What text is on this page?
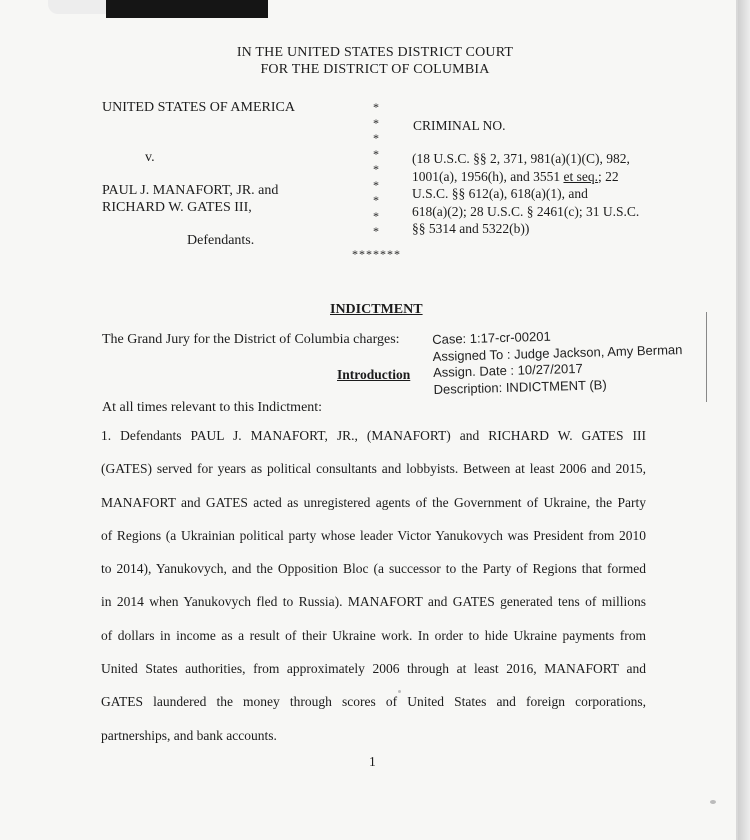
IN THE UNITED STATES DISTRICT COURT
FOR THE DISTRICT OF COLUMBIA
UNITED STATES OF AMERICA
v.
PAUL J. MANAFORT, JR. and
RICHARD W. GATES III,
Defendants.
*
*
*
*
*
*
*
*
*
*******
CRIMINAL NO.
(18 U.S.C. §§ 2, 371, 981(a)(1)(C), 982,
1001(a), 1956(h), and 3551 et seq.; 22
U.S.C. §§ 612(a), 618(a)(1), and
618(a)(2); 28 U.S.C. § 2461(c); 31 U.S.C.
§§ 5314 and 5322(b))
INDICTMENT
The Grand Jury for the District of Columbia charges:
Introduction
Case: 1:17-cr-00201
Assigned To : Judge Jackson, Amy Berman
Assign. Date : 10/27/2017
Description: INDICTMENT (B)
At all times relevant to this Indictment:
1. Defendants PAUL J. MANAFORT, JR., (MANAFORT) and RICHARD W. GATES III
(GATES) served for years as political consultants and lobbyists. Between at least 2006 and 2015,
MANAFORT and GATES acted as unregistered agents of the Government of Ukraine, the Party
of Regions (a Ukrainian political party whose leader Victor Yanukovych was President from 2010
to 2014), Yanukovych, and the Opposition Bloc (a successor to the Party of Regions that formed
in 2014 when Yanukovych fled to Russia). MANAFORT and GATES generated tens of millions
of dollars in income as a result of their Ukraine work. In order to hide Ukraine payments from
United States authorities, from approximately 2006 through at least 2016, MANAFORT and
GATES laundered the money through scores of United States and foreign corporations,
partnerships, and bank accounts.
1
